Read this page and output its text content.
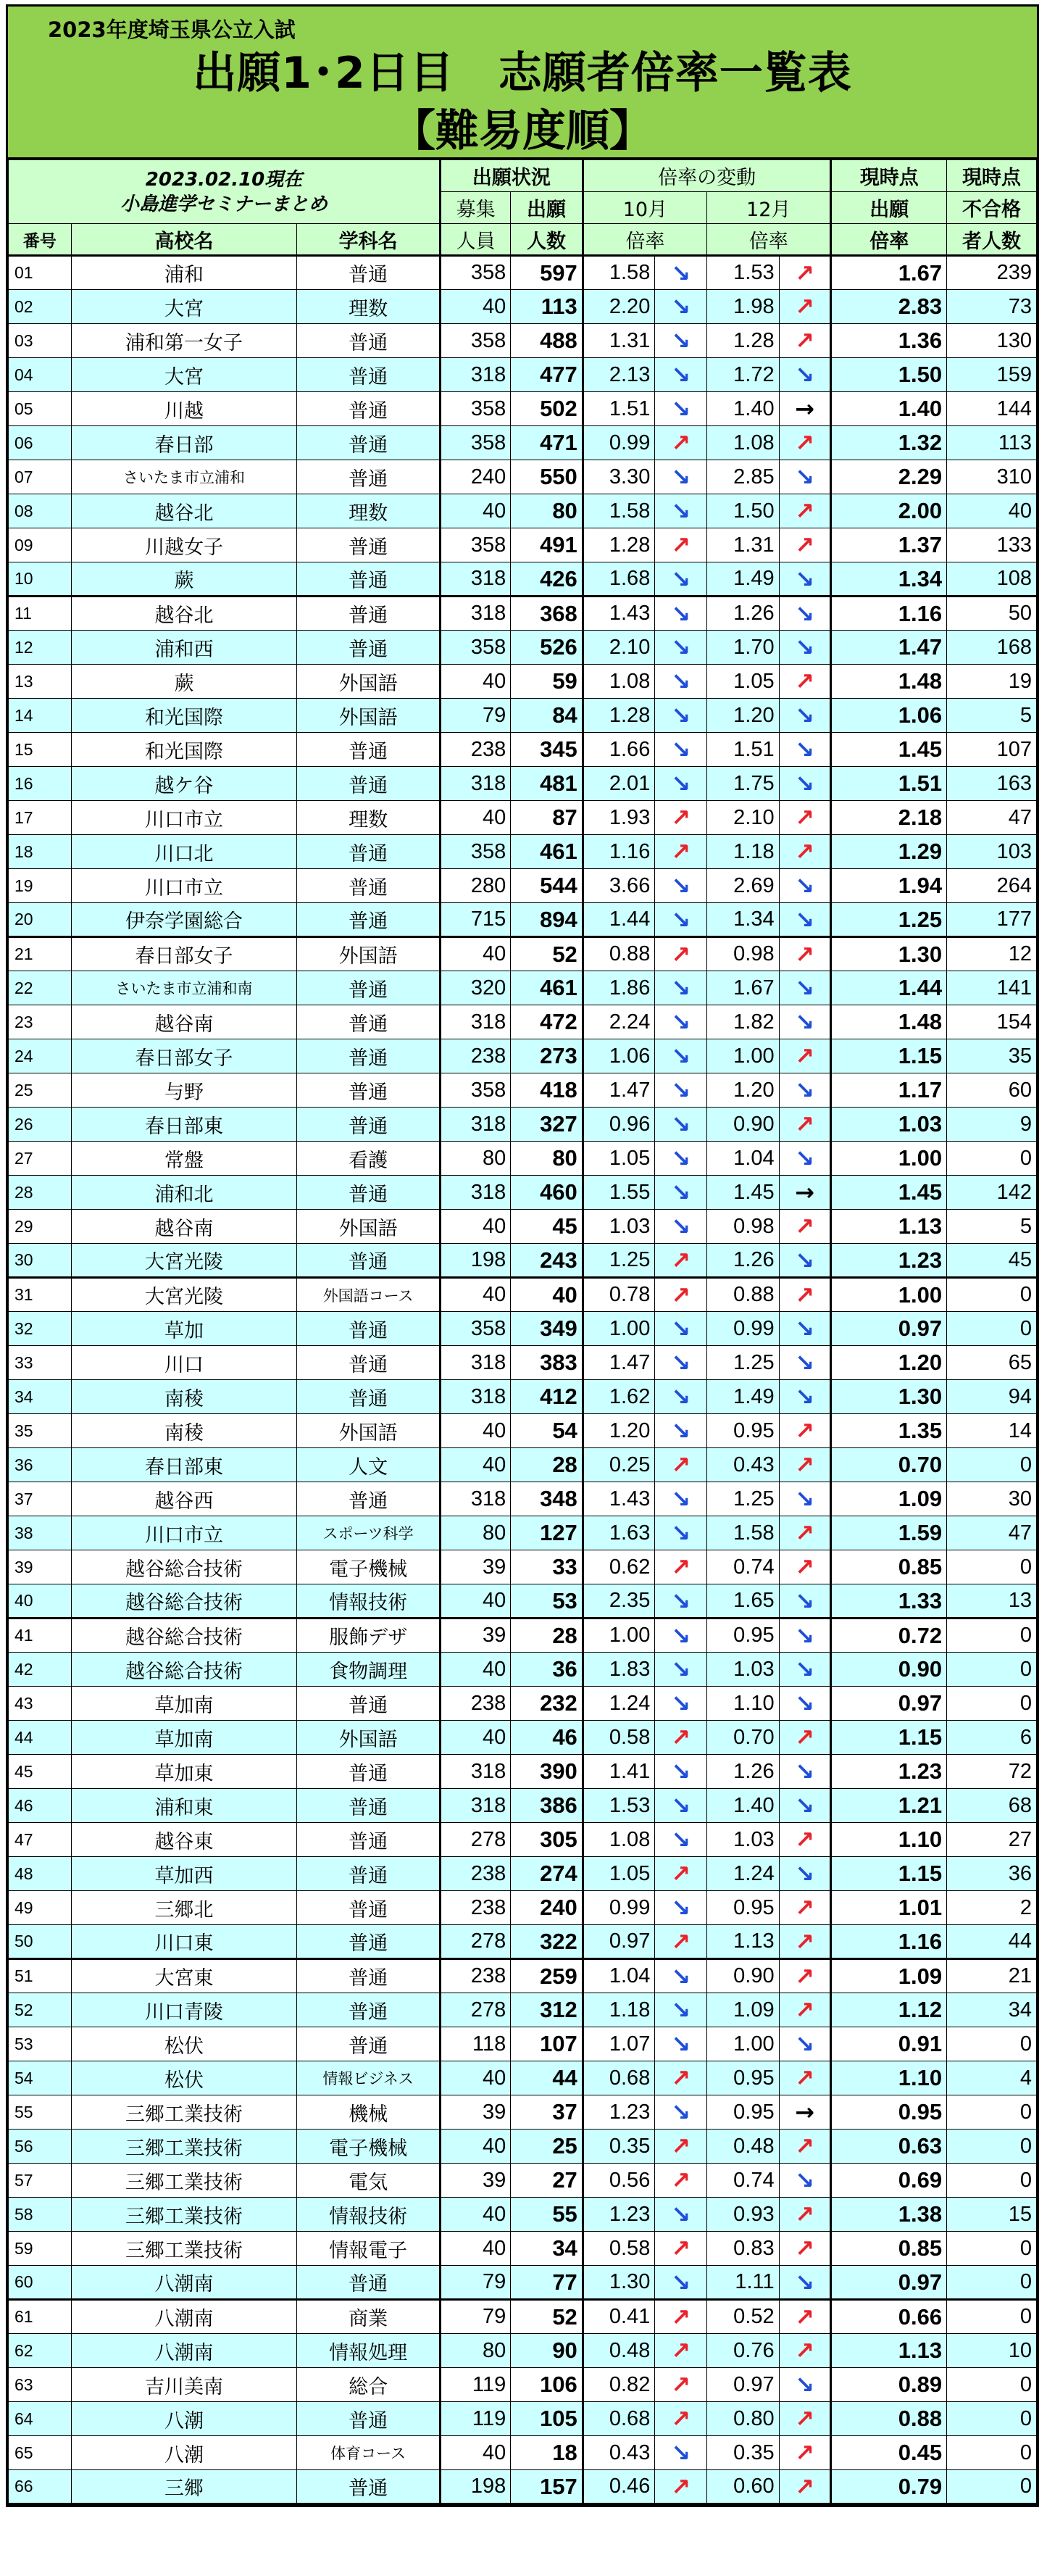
2023年度埼玉県公立入試
出願1･2日目　志願者倍率一覧表
【難易度順】
2023.02.10現在
小島進学セミナーまとめ			出願状況		倍率の変動				現時点	現時点
			募集	出願	10月		12月		出願	不合格
番号	高校名	学科名	人員	人数	倍率		倍率		倍率	者人数
01	浦和	普通	358	597	1.58	↘	1.53	↗	1.67	239
02	大宮	理数	40	113	2.20	↘	1.98	↗	2.83	73
03	浦和第一女子	普通	358	488	1.31	↘	1.28	↗	1.36	130
04	大宮	普通	318	477	2.13	↘	1.72	↘	1.50	159
05	川越	普通	358	502	1.51	↘	1.40	→	1.40	144
06	春日部	普通	358	471	0.99	↗	1.08	↗	1.32	113
07	さいたま市立浦和	普通	240	550	3.30	↘	2.85	↘	2.29	310
08	越谷北	理数	40	80	1.58	↘	1.50	↗	2.00	40
09	川越女子	普通	358	491	1.28	↗	1.31	↗	1.37	133
10	蕨	普通	318	426	1.68	↘	1.49	↘	1.34	108
11	越谷北	普通	318	368	1.43	↘	1.26	↘	1.16	50
12	浦和西	普通	358	526	2.10	↘	1.70	↘	1.47	168
13	蕨	外国語	40	59	1.08	↘	1.05	↗	1.48	19
14	和光国際	外国語	79	84	1.28	↘	1.20	↘	1.06	5
15	和光国際	普通	238	345	1.66	↘	1.51	↘	1.45	107
16	越ケ谷	普通	318	481	2.01	↘	1.75	↘	1.51	163
17	川口市立	理数	40	87	1.93	↗	2.10	↗	2.18	47
18	川口北	普通	358	461	1.16	↗	1.18	↗	1.29	103
19	川口市立	普通	280	544	3.66	↘	2.69	↘	1.94	264
20	伊奈学園総合	普通	715	894	1.44	↘	1.34	↘	1.25	177
21	春日部女子	外国語	40	52	0.88	↗	0.98	↗	1.30	12
22	さいたま市立浦和南	普通	320	461	1.86	↘	1.67	↘	1.44	141
23	越谷南	普通	318	472	2.24	↘	1.82	↘	1.48	154
24	春日部女子	普通	238	273	1.06	↘	1.00	↗	1.15	35
25	与野	普通	358	418	1.47	↘	1.20	↘	1.17	60
26	春日部東	普通	318	327	0.96	↘	0.90	↗	1.03	9
27	常盤	看護	80	80	1.05	↘	1.04	↘	1.00	0
28	浦和北	普通	318	460	1.55	↘	1.45	→	1.45	142
29	越谷南	外国語	40	45	1.03	↘	0.98	↗	1.13	5
30	大宮光陵	普通	198	243	1.25	↗	1.26	↘	1.23	45
31	大宮光陵	外国語コース	40	40	0.78	↗	0.88	↗	1.00	0
32	草加	普通	358	349	1.00	↘	0.99	↘	0.97	0
33	川口	普通	318	383	1.47	↘	1.25	↘	1.20	65
34	南稜	普通	318	412	1.62	↘	1.49	↘	1.30	94
35	南稜	外国語	40	54	1.20	↘	0.95	↗	1.35	14
36	春日部東	人文	40	28	0.25	↗	0.43	↗	0.70	0
37	越谷西	普通	318	348	1.43	↘	1.25	↘	1.09	30
38	川口市立	スポーツ科学	80	127	1.63	↘	1.58	↗	1.59	47
39	越谷総合技術	電子機械	39	33	0.62	↗	0.74	↗	0.85	0
40	越谷総合技術	情報技術	40	53	2.35	↘	1.65	↘	1.33	13
41	越谷総合技術	服飾デザ	39	28	1.00	↘	0.95	↘	0.72	0
42	越谷総合技術	食物調理	40	36	1.83	↘	1.03	↘	0.90	0
43	草加南	普通	238	232	1.24	↘	1.10	↘	0.97	0
44	草加南	外国語	40	46	0.58	↗	0.70	↗	1.15	6
45	草加東	普通	318	390	1.41	↘	1.26	↘	1.23	72
46	浦和東	普通	318	386	1.53	↘	1.40	↘	1.21	68
47	越谷東	普通	278	305	1.08	↘	1.03	↗	1.10	27
48	草加西	普通	238	274	1.05	↗	1.24	↘	1.15	36
49	三郷北	普通	238	240	0.99	↘	0.95	↗	1.01	2
50	川口東	普通	278	322	0.97	↗	1.13	↗	1.16	44
51	大宮東	普通	238	259	1.04	↘	0.90	↗	1.09	21
52	川口青陵	普通	278	312	1.18	↘	1.09	↗	1.12	34
53	松伏	普通	118	107	1.07	↘	1.00	↘	0.91	0
54	松伏	情報ビジネス	40	44	0.68	↗	0.95	↗	1.10	4
55	三郷工業技術	機械	39	37	1.23	↘	0.95	→	0.95	0
56	三郷工業技術	電子機械	40	25	0.35	↗	0.48	↗	0.63	0
57	三郷工業技術	電気	39	27	0.56	↗	0.74	↘	0.69	0
58	三郷工業技術	情報技術	40	55	1.23	↘	0.93	↗	1.38	15
59	三郷工業技術	情報電子	40	34	0.58	↗	0.83	↗	0.85	0
60	八潮南	普通	79	77	1.30	↘	1.11	↘	0.97	0
61	八潮南	商業	79	52	0.41	↗	0.52	↗	0.66	0
62	八潮南	情報処理	80	90	0.48	↗	0.76	↗	1.13	10
63	吉川美南	総合	119	106	0.82	↗	0.97	↘	0.89	0
64	八潮	普通	119	105	0.68	↗	0.80	↗	0.88	0
65	八潮	体育コース	40	18	0.43	↘	0.35	↗	0.45	0
66	三郷	普通	198	157	0.46	↗	0.60	↗	0.79	0
